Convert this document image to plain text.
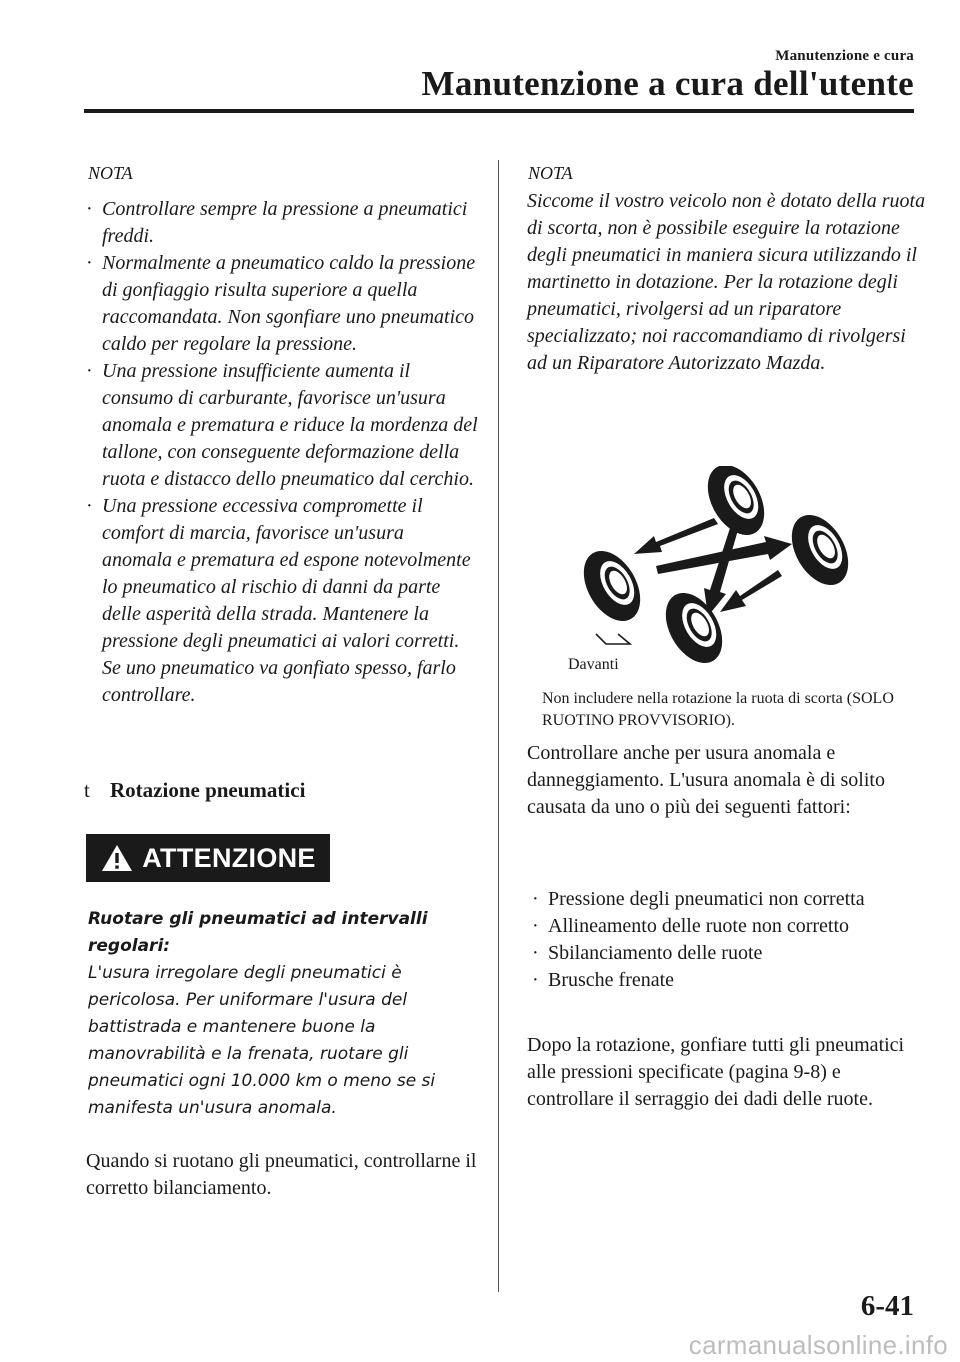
Manutenzione e cura
Manutenzione a cura dell'utente
NOTA
· Controllare sempre la pressione a pneumatici freddi.
· Normalmente a pneumatico caldo la pressione di gonfiaggio risulta superiore a quella raccomandata. Non sgonfiare uno pneumatico caldo per regolare la pressione.
· Una pressione insufficiente aumenta il consumo di carburante, favorisce un'usura anomala e prematura e riduce la mordenza del tallone, con conseguente deformazione della ruota e distacco dello pneumatico dal cerchio.
· Una pressione eccessiva compromette il comfort di marcia, favorisce un'usura anomala e prematura ed espone notevolmente lo pneumatico al rischio di danni da parte delle asperità della strada. Mantenere la pressione degli pneumatici ai valori corretti. Se uno pneumatico va gonfiato spesso, farlo controllare.
t Rotazione pneumatici
ATTENZIONE
Ruotare gli pneumatici ad intervalli regolari:
L'usura irregolare degli pneumatici è pericolosa. Per uniformare l'usura del battistrada e mantenere buone la manovrabilità e la frenata, ruotare gli pneumatici ogni 10.000 km o meno se si manifesta un'usura anomala.
Quando si ruotano gli pneumatici, controllarne il corretto bilanciamento.
NOTA
Siccome il vostro veicolo non è dotato della ruota di scorta, non è possibile eseguire la rotazione degli pneumatici in maniera sicura utilizzando il martinetto in dotazione. Per la rotazione degli pneumatici, rivolgersi ad un riparatore specializzato; noi raccomandiamo di rivolgersi ad un Riparatore Autorizzato Mazda.
Davanti
Non includere nella rotazione la ruota di scorta (SOLO RUOTINO PROVVISORIO).
Controllare anche per usura anomala e danneggiamento. L'usura anomala è di solito causata da uno o più dei seguenti fattori:
· Pressione degli pneumatici non corretta
· Allineamento delle ruote non corretto
· Sbilanciamento delle ruote
· Brusche frenate
Dopo la rotazione, gonfiare tutti gli pneumatici alle pressioni specificate (pagina 9-8) e controllare il serraggio dei dadi delle ruote.
6-41
carmanualsonline.info
